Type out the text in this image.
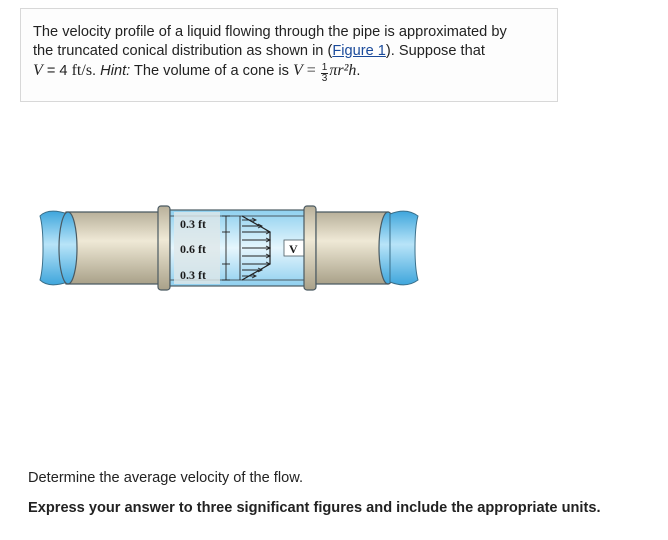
The velocity profile of a liquid flowing through the pipe is approximated by
the truncated conical distribution as shown in (Figure 1). Suppose that
V = 4 ft/s. Hint: The volume of a cone is $V = \frac{1}{3} \pi r^2h$.
0.3 ft
0.6 ft
0.3 ft
V
Determine the average velocity of the flow.
Express your answer to three significant figures and include the appropriate units.
